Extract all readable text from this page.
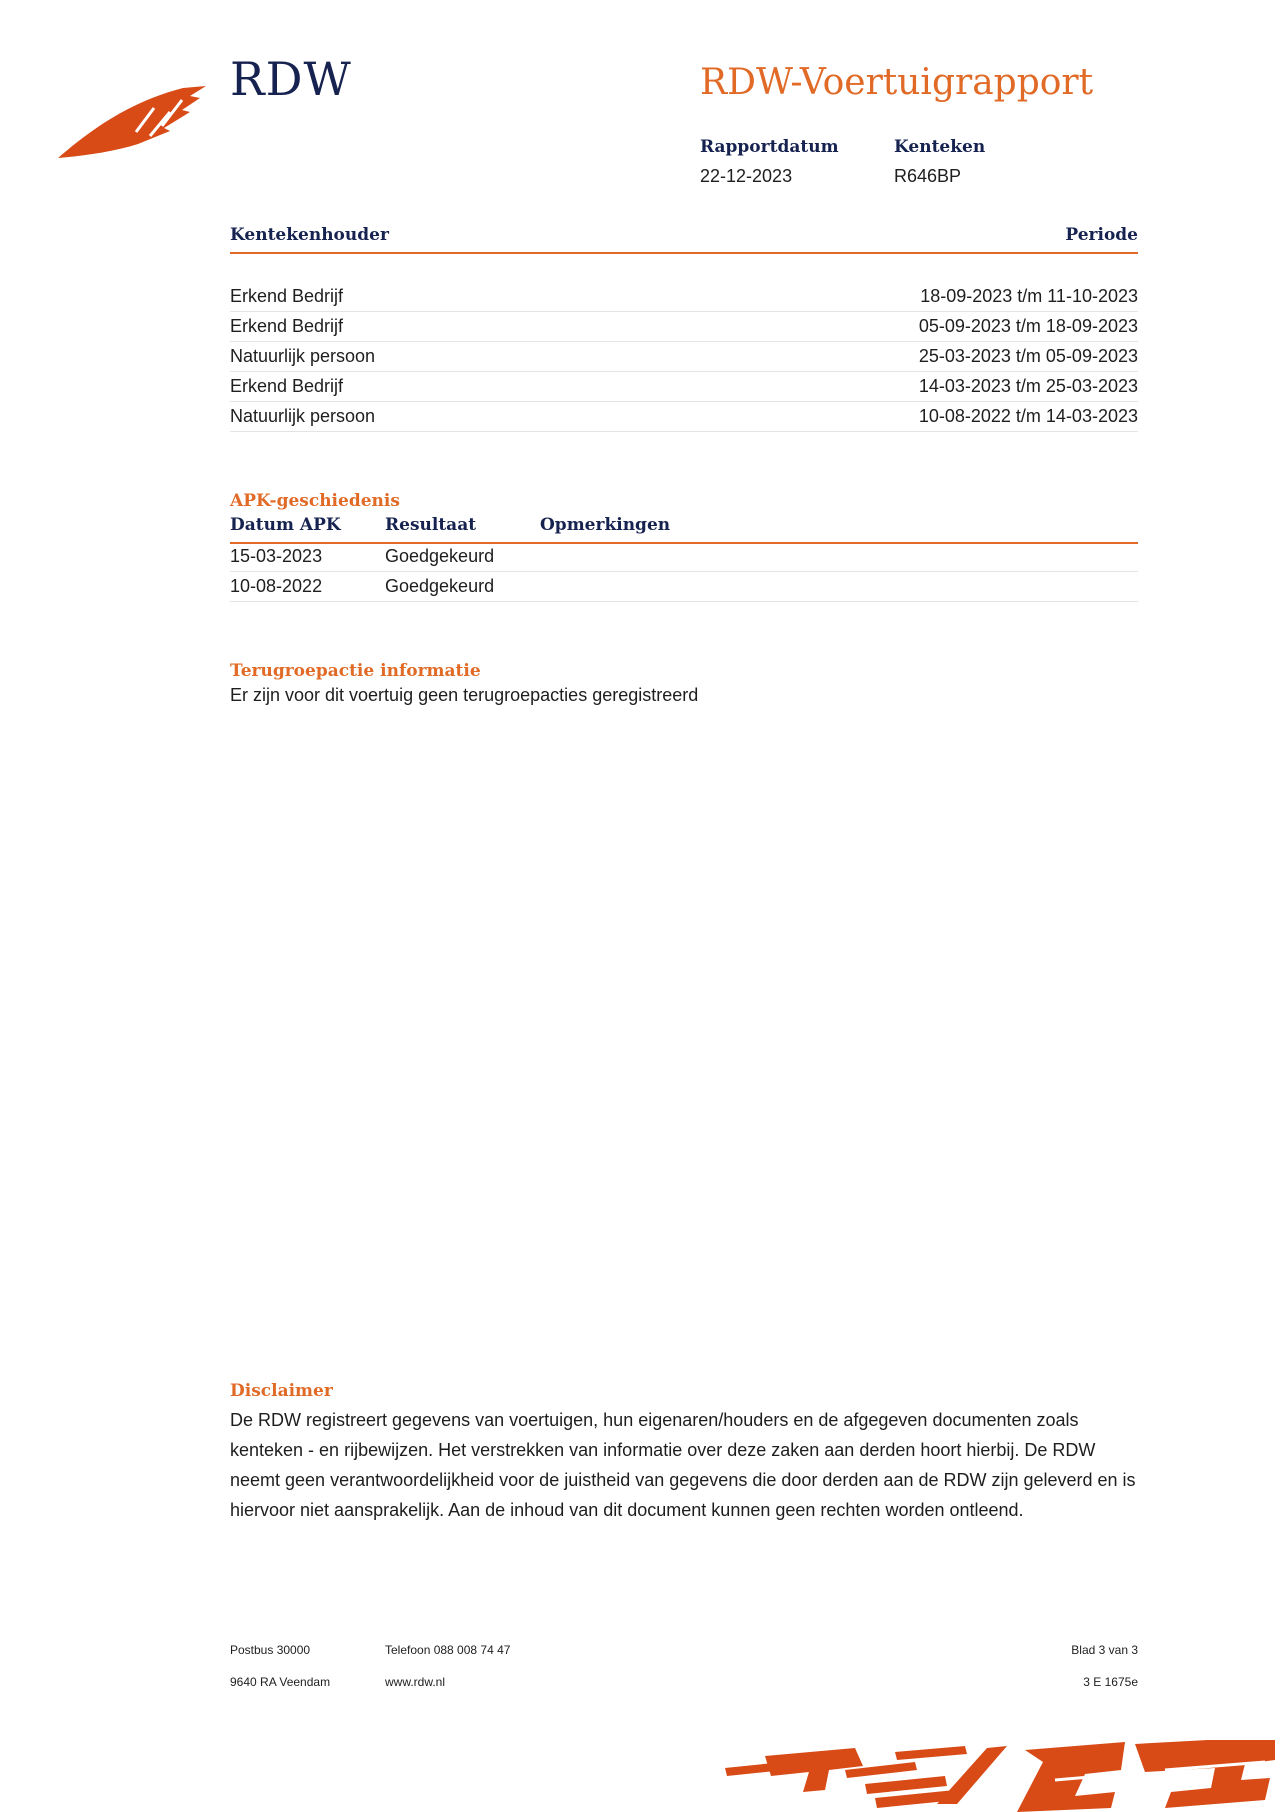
RDW	RDW-Voertuigrapport
Rapportdatum	Kenteken
22-12-2023	R646BP
Kentekenhouder	Periode
Erkend Bedrijf	18-09-2023 t/m 11-10-2023
Erkend Bedrijf	05-09-2023 t/m 18-09-2023
Natuurlijk persoon	25-03-2023 t/m 05-09-2023
Erkend Bedrijf	14-03-2023 t/m 25-03-2023
Natuurlijk persoon	10-08-2022 t/m 14-03-2023
APK-geschiedenis
Datum APK	Resultaat	Opmerkingen
15-03-2023	Goedgekeurd
10-08-2022	Goedgekeurd
Terugroepactie informatie
Er zijn voor dit voertuig geen terugroepacties geregistreerd
Disclaimer
De RDW registreert gegevens van voertuigen, hun eigenaren/houders en de afgegeven documenten zoals kenteken - en rijbewijzen. Het verstrekken van informatie over deze zaken aan derden hoort hierbij. De RDW neemt geen verantwoordelijkheid voor de juistheid van gegevens die door derden aan de RDW zijn geleverd en is hiervoor niet aansprakelijk. Aan de inhoud van dit document kunnen geen rechten worden ontleend.
Postbus 30000
9640 RA Veendam
Telefoon 088 008 74 47
www.rdw.nl
Blad 3 van 3
3 E 1675e
